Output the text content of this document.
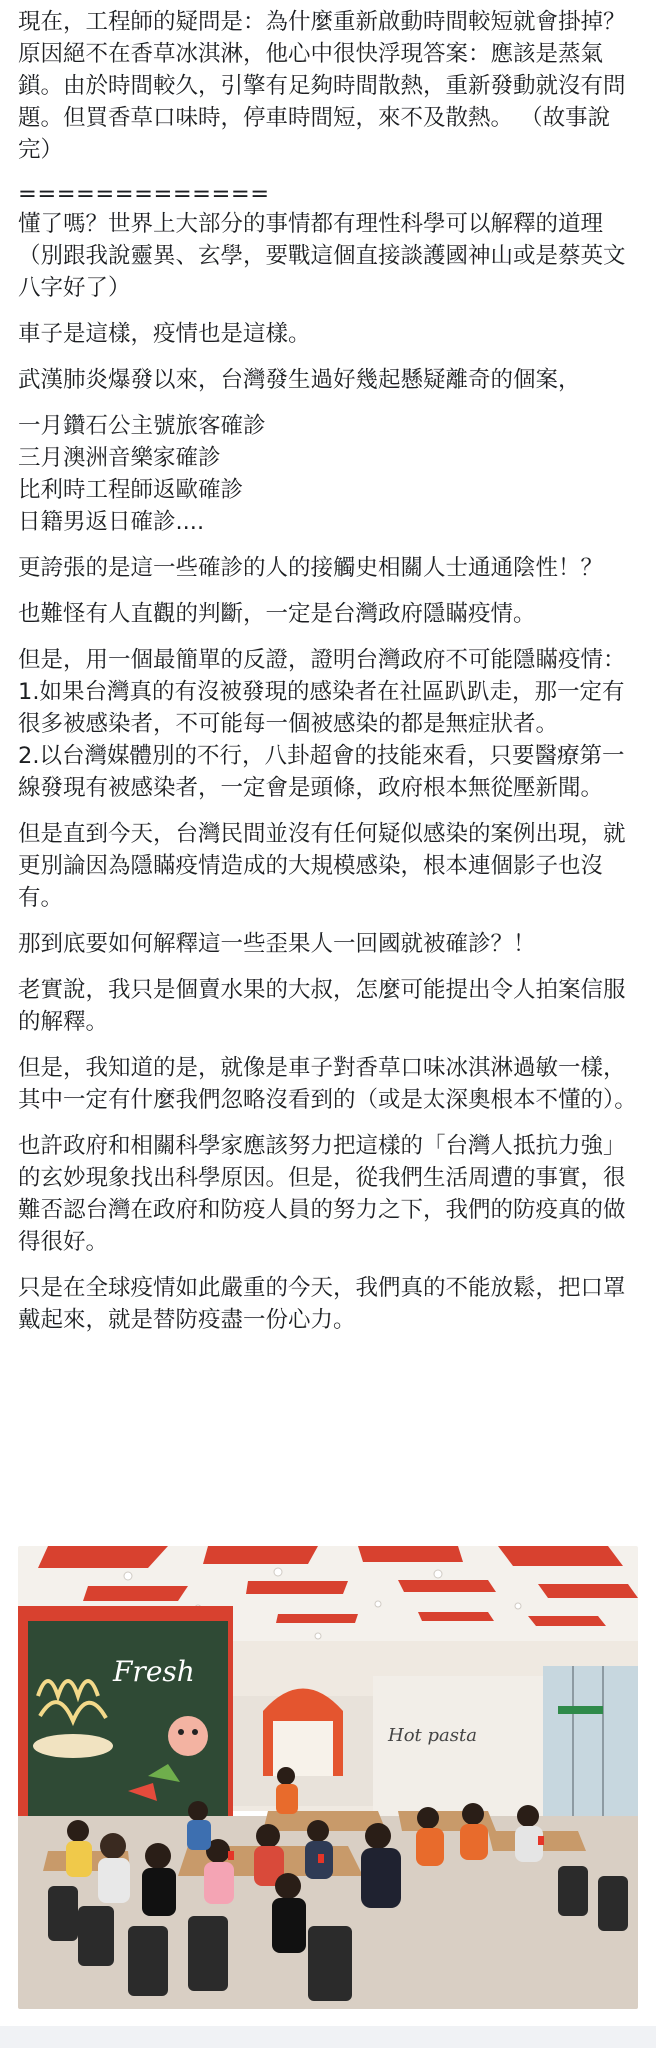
現在，工程師的疑問是：為什麼重新啟動時間較短就會掛掉？原因絕不在香草冰淇淋，他心中很快浮現答案：應該是蒸氣鎖。由於時間較久，引擎有足夠時間散熱，重新發動就沒有問題。但買香草口味時，停車時間短，來不及散熱。 （故事說完）

=============

懂了嗎？世界上大部分的事情都有理性科學可以解釋的道理（別跟我說靈異、玄學，要戰這個直接談護國神山或是蔡英文八字好了）

車子是這樣，疫情也是這樣。

武漢肺炎爆發以來，台灣發生過好幾起懸疑離奇的個案，

一月鑽石公主號旅客確診
三月澳洲音樂家確診
比利時工程師返歐確診
日籍男返日確診....

更誇張的是這一些確診的人的接觸史相關人士通通陰性！？

也難怪有人直觀的判斷，一定是台灣政府隱瞞疫情。

但是，用一個最簡單的反證，證明台灣政府不可能隱瞞疫情：
1.如果台灣真的有沒被發現的感染者在社區趴趴走，那一定有很多被感染者，不可能每一個被感染的都是無症狀者。
2.以台灣媒體別的不行，八卦超會的技能來看，只要醫療第一線發現有被感染者，一定會是頭條，政府根本無從壓新聞。

但是直到今天，台灣民間並沒有任何疑似感染的案例出現，就更別論因為隱瞞疫情造成的大規模感染，根本連個影子也沒有。

那到底要如何解釋這一些歪果人一回國就被確診？！

老實說，我只是個賣水果的大叔，怎麼可能提出令人拍案信服的解釋。

但是，我知道的是，就像是車子對香草口味冰淇淋過敏一樣，其中一定有什麼我們忽略沒看到的（或是太深奧根本不懂的）。

也許政府和相關科學家應該努力把這樣的「台灣人抵抗力強」的玄妙現象找出科學原因。但是，從我們生活周遭的事實，很難否認台灣在政府和防疫人員的努力之下，我們的防疫真的做得很好。

只是在全球疫情如此嚴重的今天，我們真的不能放鬆，把口罩戴起來，就是替防疫盡一份心力。

Fresh
Hot pasta
